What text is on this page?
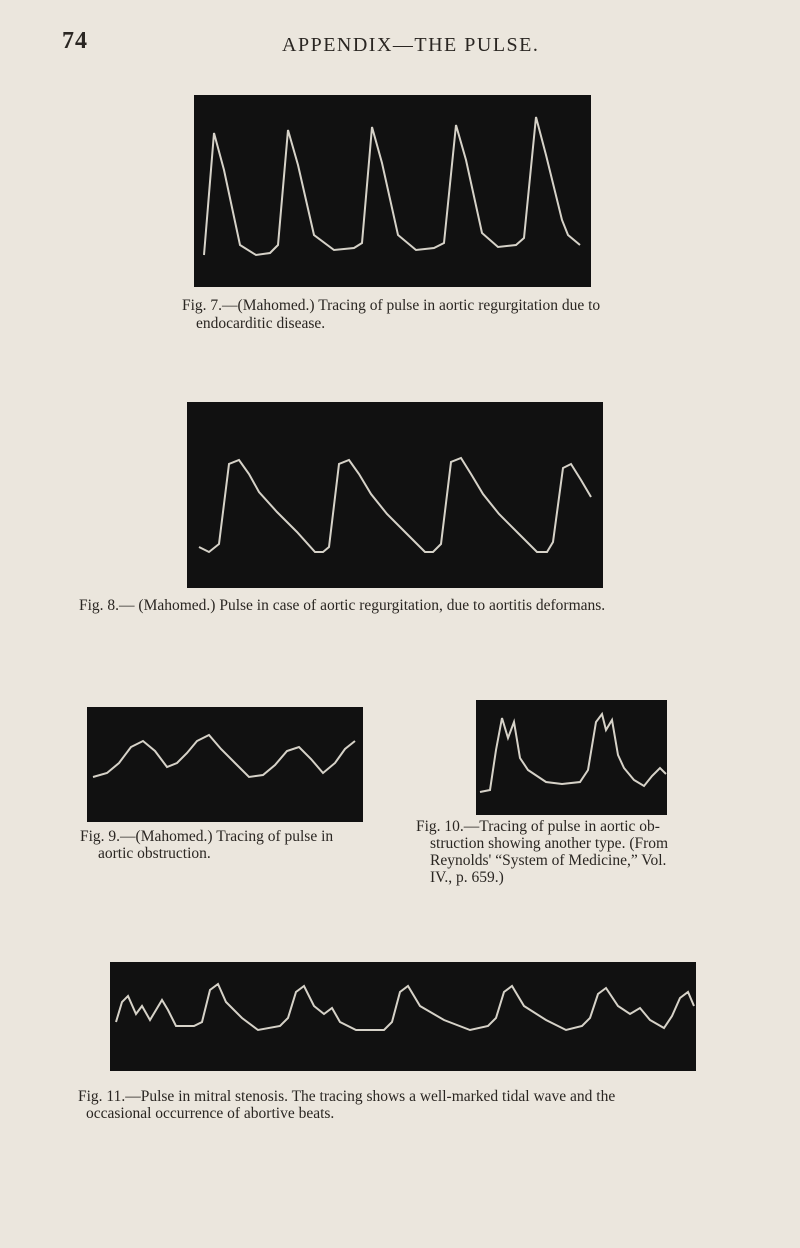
74	APPENDIX—THE PULSE.
Fig. 7.—(Mahomed.) Tracing of pulse in aortic regurgitation due to
endocarditic disease.
Fig. 8.— (Mahomed.) Pulse in case of aortic regurgitation, due to aortitis deformans.
Fig. 9.—(Mahomed.) Tracing of pulse in
aortic obstruction.
Fig. 10.—Tracing of pulse in aortic ob-
struction showing another type. (From
Reynolds' “System of Medicine,” Vol.
IV., p. 659.)
Fig. 11.—Pulse in mitral stenosis. The tracing shows a well-marked tidal wave and the
occasional occurrence of abortive beats.
